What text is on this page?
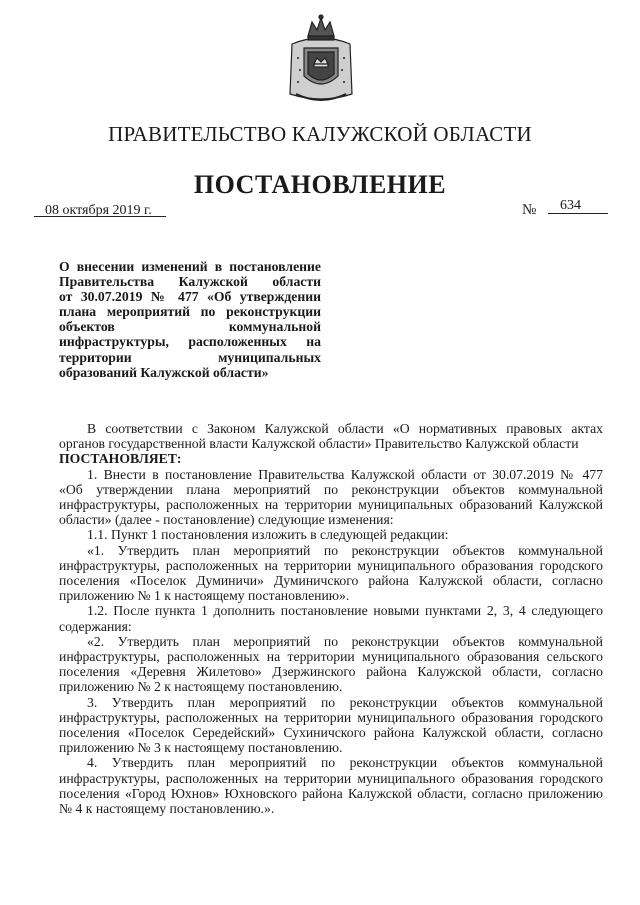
ПРАВИТЕЛЬСТВО КАЛУЖСКОЙ ОБЛАСТИ
ПОСТАНОВЛЕНИЕ
08 октября 2019 г.	№ 634
О внесении изменений в постановление
Правительства Калужской области
от 30.07.2019 № 477 «Об утверждении
плана мероприятий по реконструкции
объектов коммунальной
инфраструктуры, расположенных на
территории муниципальных
образований Калужской области»

В соответствии с Законом Калужской области «О нормативных правовых актах
органов государственной власти Калужской области» Правительство Калужской области
ПОСТАНОВЛЯЕТ:

1. Внести в постановление Правительства Калужской области от 30.07.2019 № 477
«Об утверждении плана мероприятий по реконструкции объектов коммунальной
инфраструктуры, расположенных на территории муниципальных образований Калужской
области» (далее - постановление) следующие изменения:

1.1. Пункт 1 постановления изложить в следующей редакции:

«1. Утвердить план мероприятий по реконструкции объектов коммунальной
инфраструктуры, расположенных на территории муниципального образования городского
поселения «Поселок Думиничи» Думиничского района Калужской области, согласно
приложению № 1 к настоящему постановлению».

1.2. После пункта 1 дополнить постановление новыми пунктами 2, 3, 4 следующего
содержания:

«2. Утвердить план мероприятий по реконструкции объектов коммунальной
инфраструктуры, расположенных на территории муниципального образования сельского
поселения «Деревня Жилетово» Дзержинского района Калужской области, согласно
приложению № 2 к настоящему постановлению.

3. Утвердить план мероприятий по реконструкции объектов коммунальной
инфраструктуры, расположенных на территории муниципального образования городского
поселения «Поселок Середейский» Сухиничского района Калужской области, согласно
приложению № 3 к настоящему постановлению.

4. Утвердить план мероприятий по реконструкции объектов коммунальной
инфраструктуры, расположенных на территории муниципального образования городского
поселения «Город Юхнов» Юхновского района Калужской области, согласно приложению
№ 4 к настоящему постановлению.».
